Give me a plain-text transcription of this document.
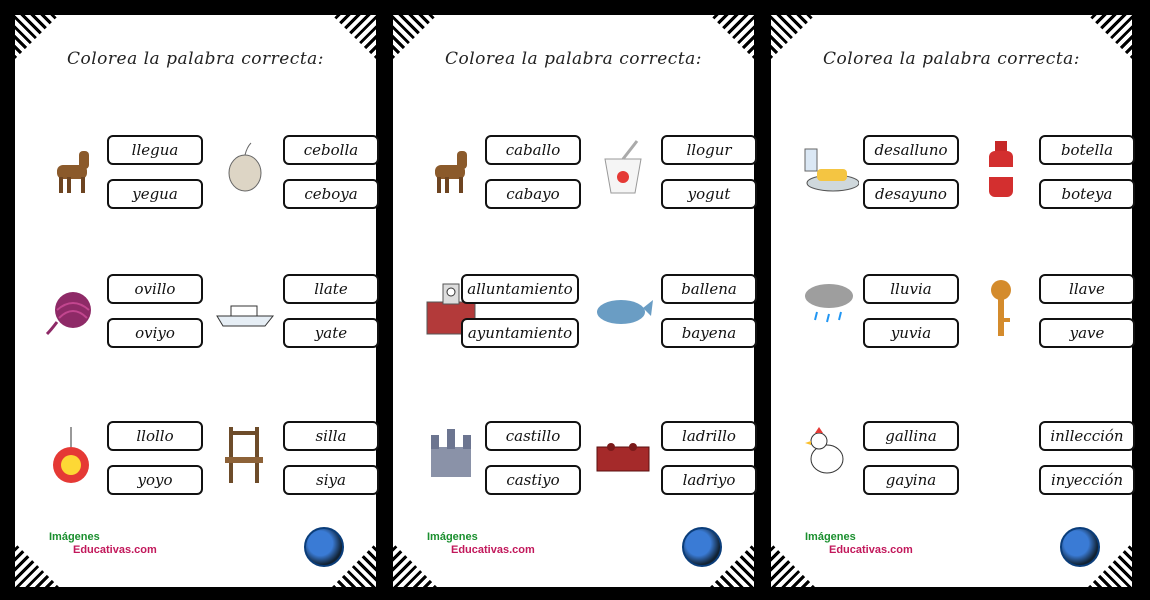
Colorea la palabra correcta:
llegua
yegua
cebolla
ceboya
ovillo
oviyo
llate
yate
llollo
yoyo
silla
siya
Imágenes
Educativas.com
Colorea la palabra correcta:
caballo
cabayo
llogur
yogut
alluntamiento
ayuntamiento
ballena
bayena
castillo
castiyo
ladrillo
ladriyo
Imágenes
Educativas.com
Colorea la palabra correcta:
desalluno
desayuno
botella
boteya
lluvia
yuvia
llave
yave
gallina
gayina
inllección
inyección
Imágenes
Educativas.com
